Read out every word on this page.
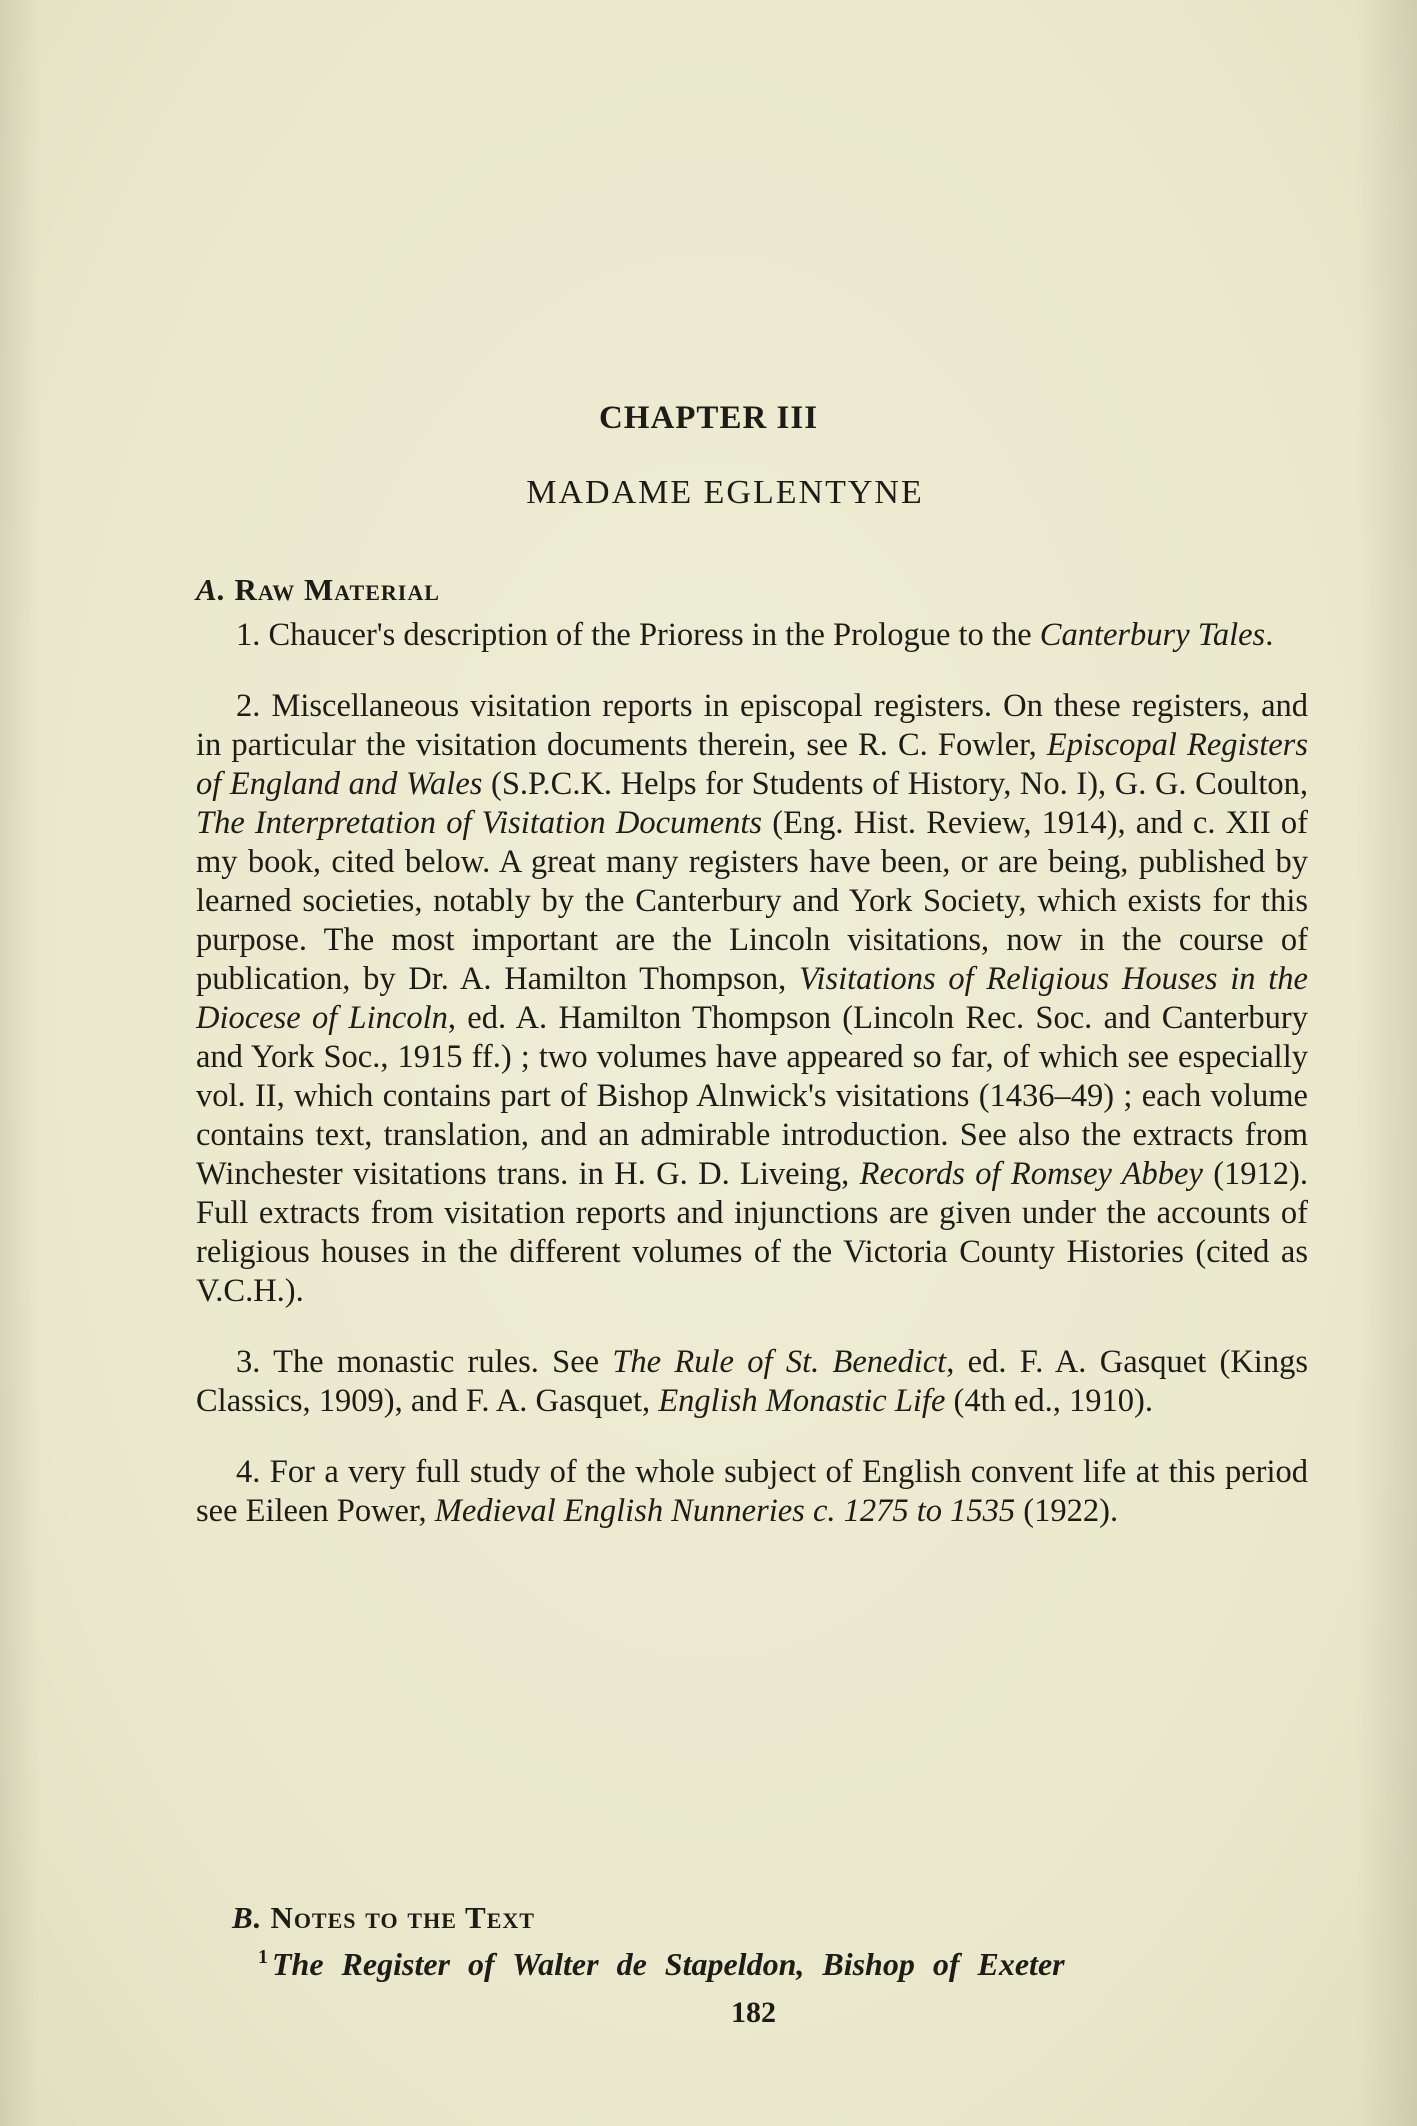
CHAPTER III
MADAME EGLENTYNE
A. Raw Material

1. Chaucer's description of the Prioress in the Prologue to the Canterbury Tales.

2. Miscellaneous visitation reports in episcopal registers. On these registers, and in particular the visitation documents therein, see R. C. Fowler, Episcopal Registers of England and Wales (S.P.C.K. Helps for Students of History, No. I), G. G. Coulton, The Interpretation of Visitation Documents (Eng. Hist. Review, 1914), and c. XII of my book, cited below. A great many registers have been, or are being, published by learned societies, notably by the Canterbury and York Society, which exists for this purpose. The most important are the Lincoln visitations, now in the course of publication, by Dr. A. Hamilton Thompson, Visitations of Religious Houses in the Diocese of Lincoln, ed. A. Hamilton Thompson (Lincoln Rec. Soc. and Canterbury and York Soc., 1915 ff.) ; two volumes have appeared so far, of which see especially vol. II, which contains part of Bishop Alnwick's visitations (1436–49) ; each volume contains text, translation, and an admirable introduction. See also the extracts from Winchester visitations trans. in H. G. D. Liveing, Records of Romsey Abbey (1912). Full extracts from visitation reports and injunctions are given under the accounts of religious houses in the different volumes of the Victoria County Histories (cited as V.C.H.).

3. The monastic rules. See The Rule of St. Benedict, ed. F. A. Gasquet (Kings Classics, 1909), and F. A. Gasquet, English Monastic Life (4th ed., 1910).

4. For a very full study of the whole subject of English convent life at this period see Eileen Power, Medieval English Nunneries c. 1275 to 1535 (1922).

B. Notes to the Text
$^1$ The Register of Walter de Stapeldon, Bishop of Exeter
182
